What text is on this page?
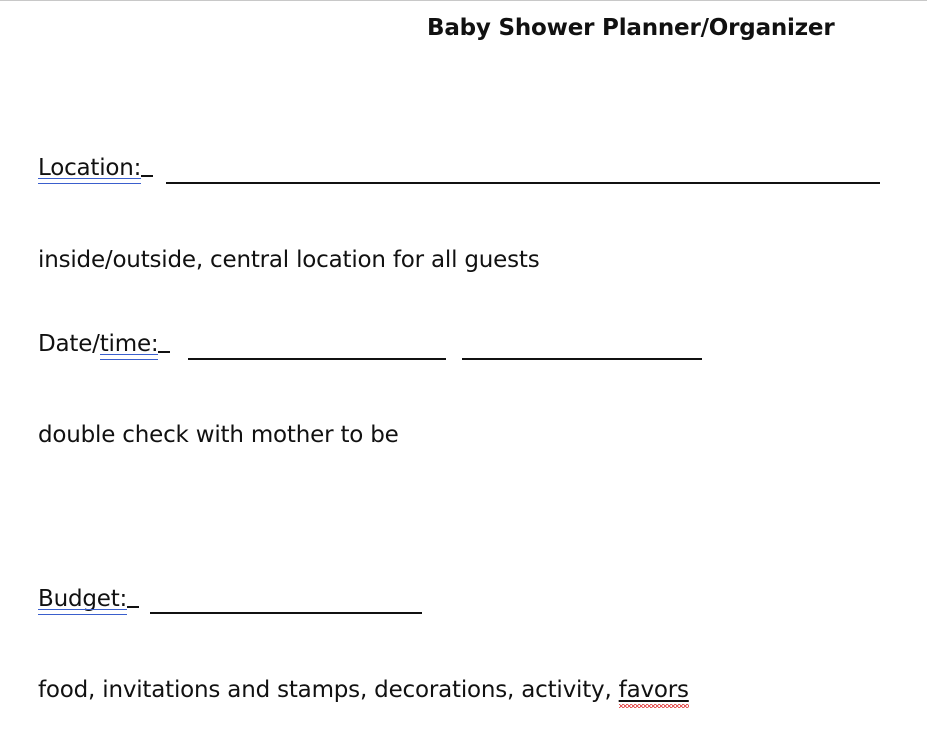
Baby Shower Planner/Organizer
Location:
inside/outside, central location for all guests
Date/time:
double check with mother to be
Budget:
food, invitations and stamps, decorations, activity, favors
